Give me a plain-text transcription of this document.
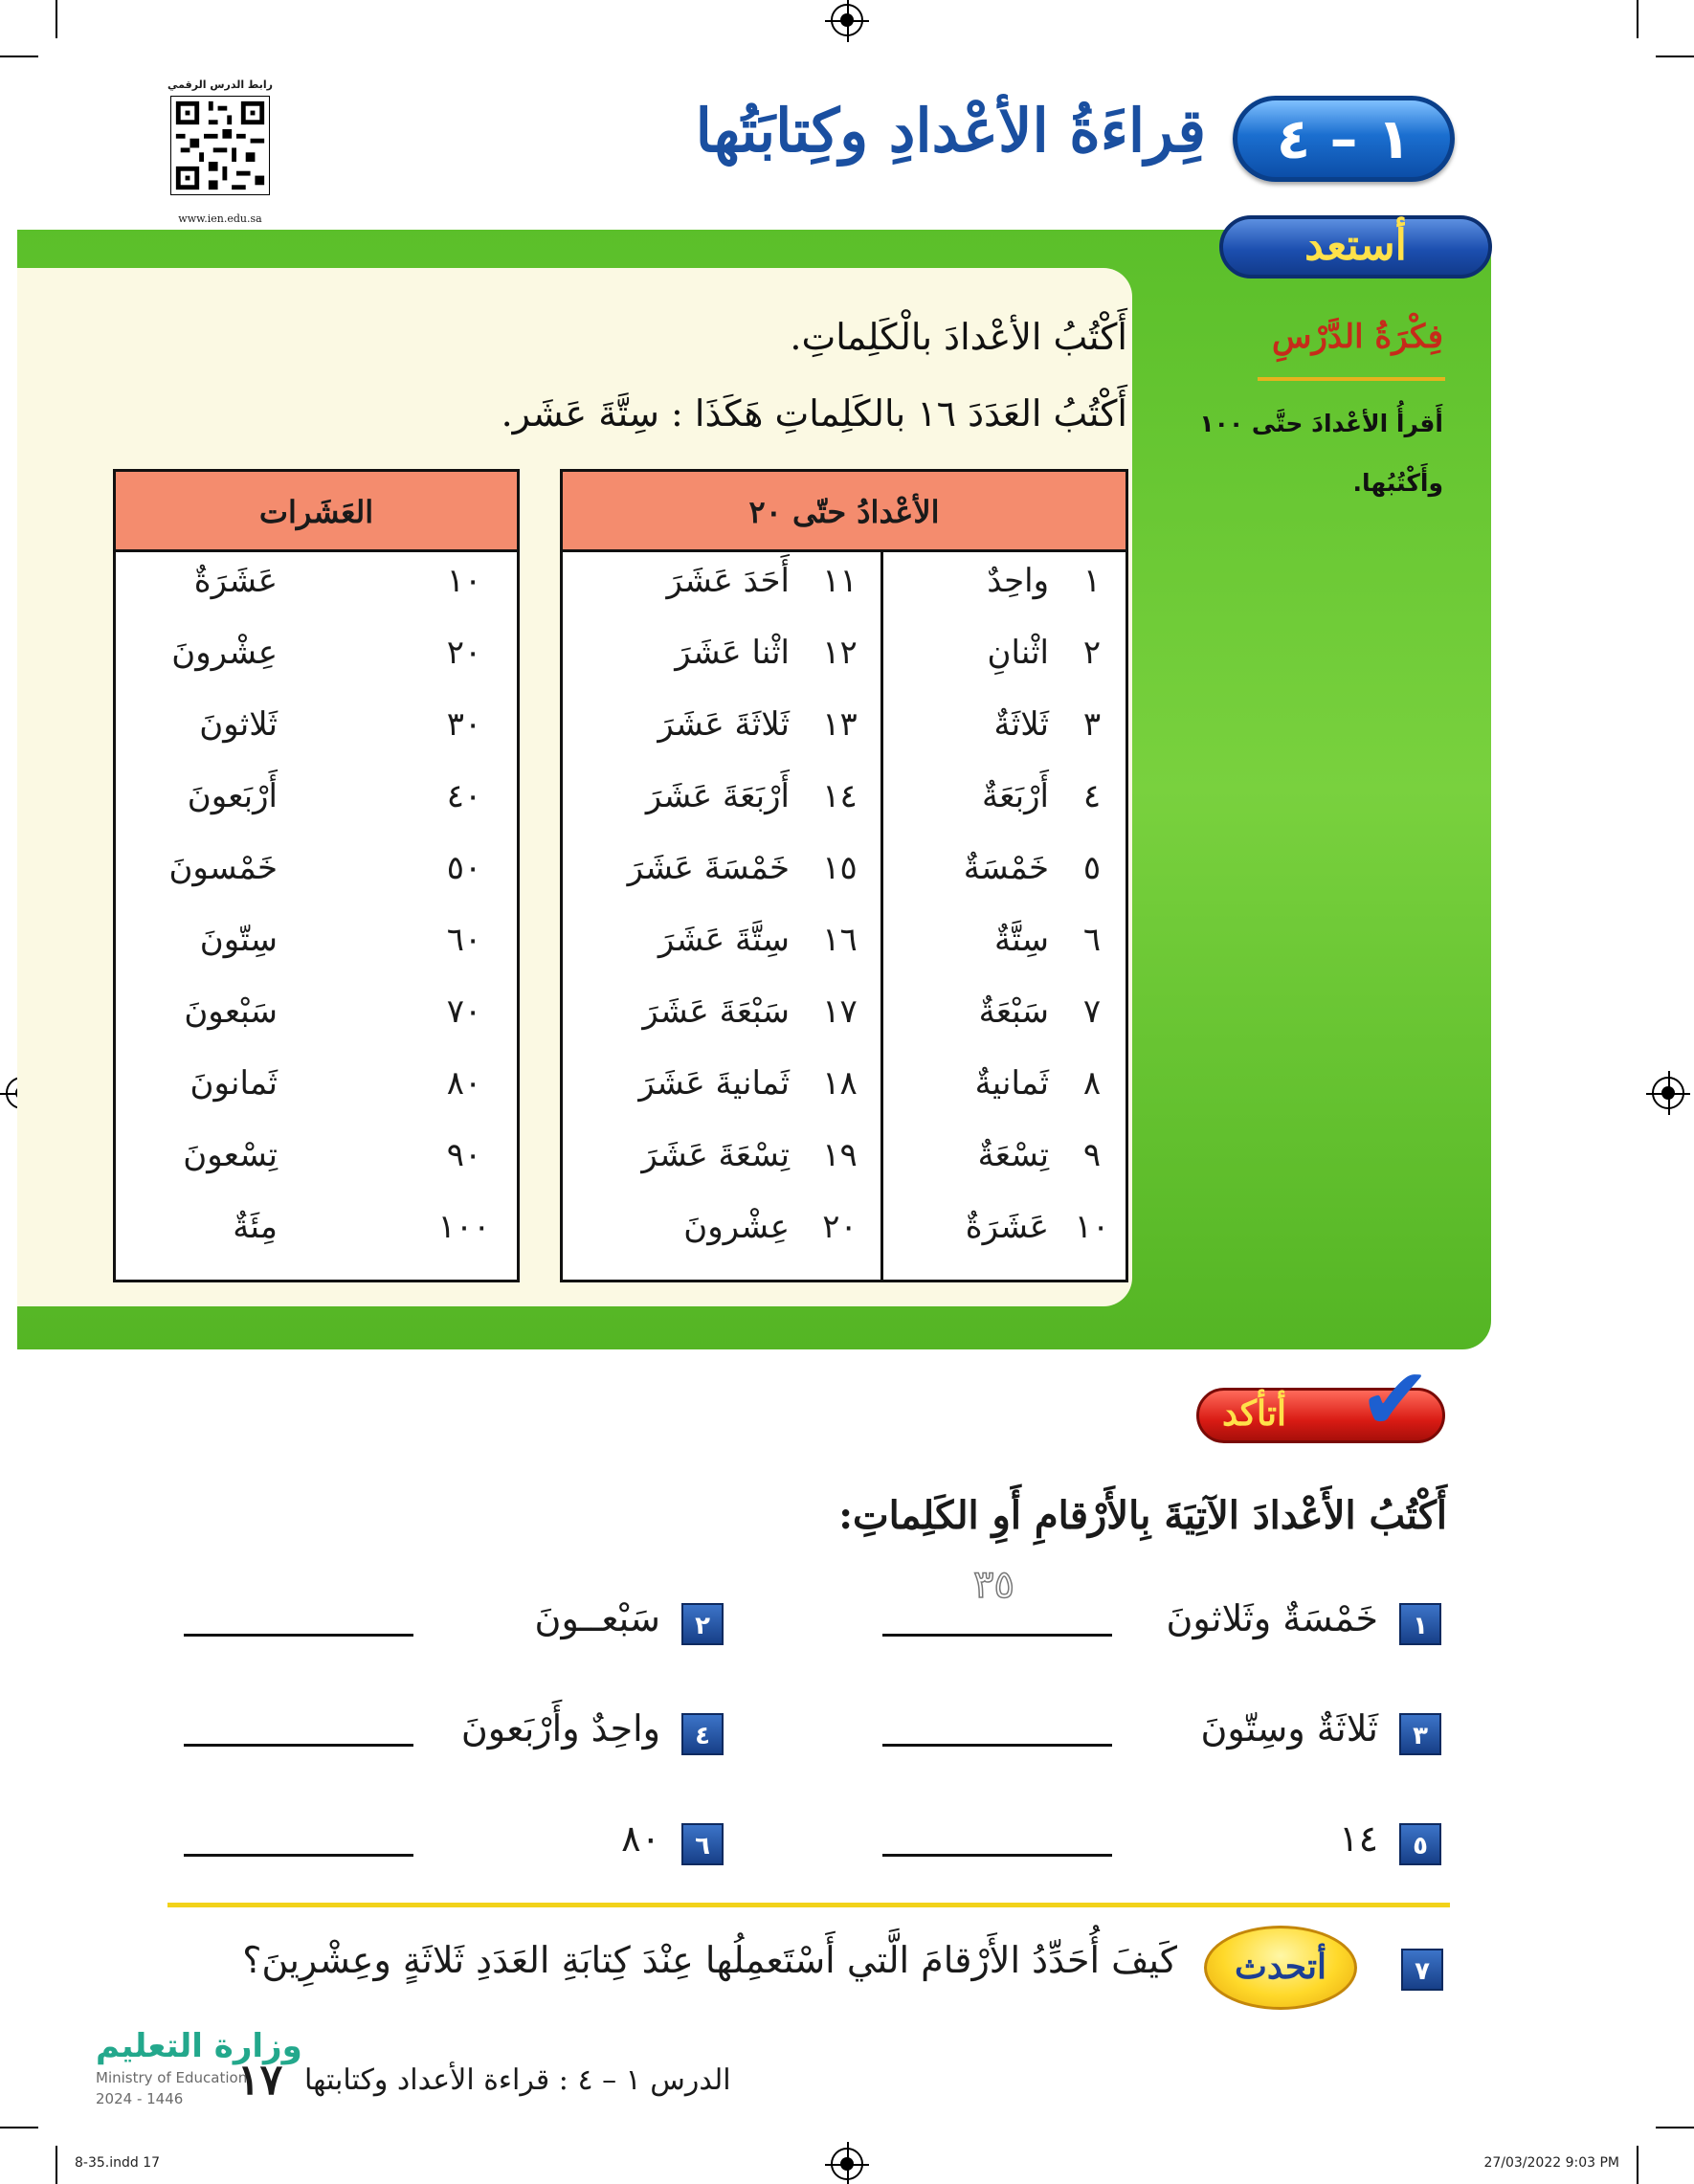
رابط الدرس الرقمي
www.ien.edu.sa
قِراءَةُ الأعْدادِ وكِتابَتُها	١ – ٤
أستعد
فِكْرَةُ الدَّرْسِ
أَقرأُ الأعْدادَ حتَّى ١٠٠
وأَكْتُبُها.
أَكْتُبُ الأعْدادَ بالْكَلِماتِ.
أَكْتُبُ العَدَدَ ١٦ بالكَلِماتِ هَكَذَا : سِتَّةَ عَشَر.
الأعْدادُ حتّى ٢٠
١
واحِدٌ
٢
اثْنانِ
٣
ثَلاثَةٌ
٤
أَرْبَعَةٌ
٥
خَمْسَةٌ
٦
سِتَّةٌ
٧
سَبْعَةٌ
٨
ثَمانيةٌ
٩
تِسْعَةٌ
١٠
عَشَرَةٌ
١١
أَحَدَ عَشَرَ
١٢
اثْنا عَشَرَ
١٣
ثَلاثَةَ عَشَرَ
١٤
أَرْبَعَةَ عَشَرَ
١٥
خَمْسَةَ عَشَرَ
١٦
سِتَّةَ عَشَرَ
١٧
سَبْعَةَ عَشَرَ
١٨
ثَمانيةَ عَشَرَ
١٩
تِسْعَةَ عَشَرَ
٢٠
عِشْرونَ
العَشَرات
١٠
عَشَرَةٌ
٢٠
عِشْرونَ
٣٠
ثَلاثونَ
٤٠
أَرْبَعونَ
٥٠
خَمْسونَ
٦٠
سِتّونَ
٧٠
سَبْعونَ
٨٠
ثَمانونَ
٩٠
تِسْعونَ
١٠٠
مِئَةٌ
أتأكد ✔
أَكْتُبُ الأَعْدادَ الآتِيَةَ بِالأَرْقامِ أَوِ الكَلِماتِ:
١
خَمْسَةٌ وثَلاثونَ
٣٥
٢
سَبْعــونَ
٣
ثَلاثَةٌ وسِتّونَ
٤
واحِدٌ وأَرْبَعونَ
٥
١٤
٦
٨٠
٧
أتحدث
كَيفَ أُحَدِّدُ الأَرْقامَ الَّتي أَسْتَعمِلُها عِنْدَ كِتابَةِ العَدَدِ ثَلاثَةٍ وعِشْرِينَ؟
وزارة التعليم
Ministry of Education
2024 - 1446 ١٧ الدرس ١ – ٤ : قراءة الأعداد وكتابتها
8-35.indd 17	27/03/2022 9:03 PM
